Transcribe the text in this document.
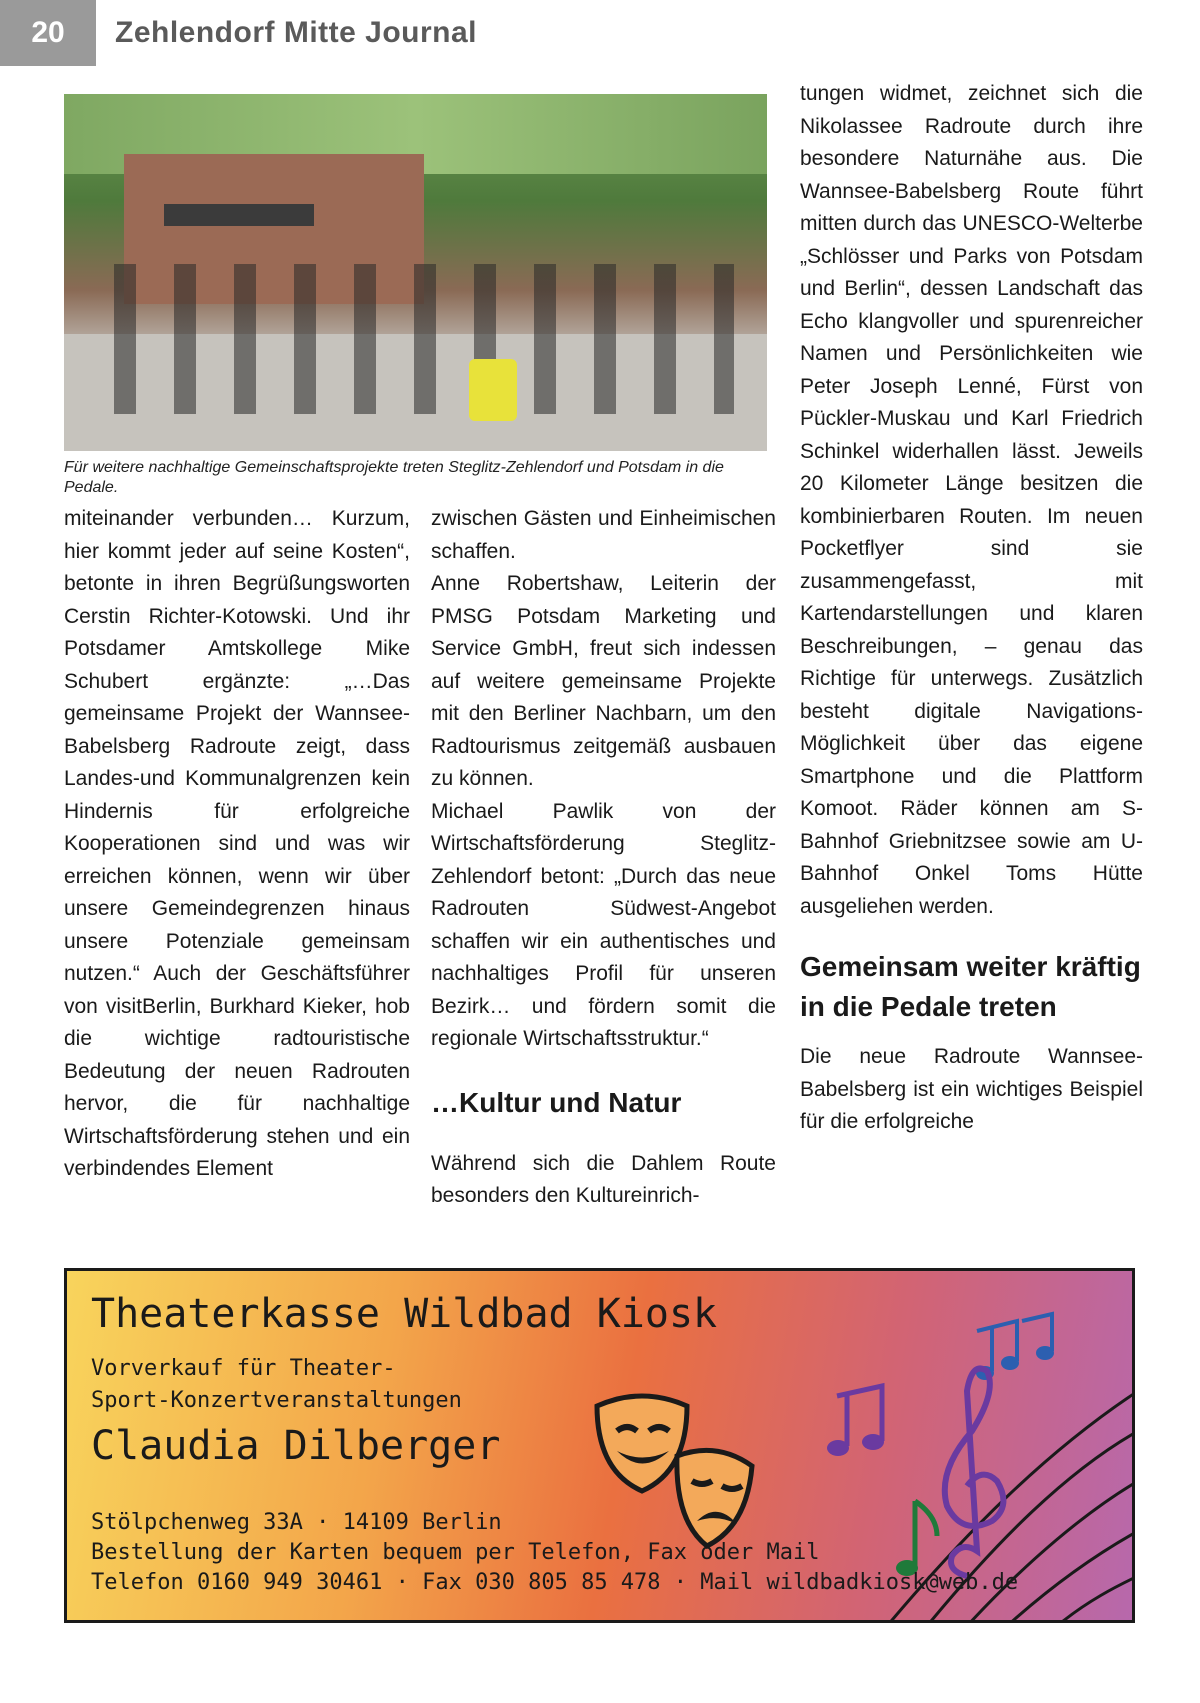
20	Zehlendorf Mitte Journal
Für weitere nachhaltige Gemeinschaftsprojekte treten Steglitz-Zehlendorf und Potsdam in die Pedale.

miteinander verbunden… Kurzum, hier kommt jeder auf seine Kosten“, betonte in ihren Begrüßungsworten Cerstin Richter-Kotowski. Und ihr Potsdamer Amtskollege Mike Schubert ergänzte: „…Das gemeinsame Projekt der Wannsee-Babelsberg Radroute zeigt, dass Landes-und Kommunalgrenzen kein Hindernis für erfolgreiche Kooperationen sind und was wir erreichen können, wenn wir über unsere Gemeindegrenzen hinaus unsere Potenziale gemeinsam nutzen.“ Auch der Geschäftsführer von visitBerlin, Burkhard Kieker, hob die wichtige radtouristische Bedeutung der neuen Radrouten hervor, die für nachhaltige Wirtschaftsförderung stehen und ein verbindendes Element

zwischen Gästen und Einheimischen schaffen.

Anne Robertshaw, Leiterin der PMSG Potsdam Marketing und Service GmbH, freut sich indessen auf weitere gemeinsame Projekte mit den Berliner Nachbarn, um den Radtourismus zeitgemäß ausbauen zu können.

Michael Pawlik von der Wirtschaftsförderung Steglitz-Zehlendorf betont: „Durch das neue Radrouten Südwest-Angebot schaffen wir ein authentisches und nachhaltiges Profil für unseren Bezirk… und fördern somit die regionale Wirtschaftsstruktur.“

…Kultur und Natur

Während sich die Dahlem Route besonders den Kultureinrich-

tungen widmet, zeichnet sich die Nikolassee Radroute durch ihre besondere Naturnähe aus. Die Wannsee-Babelsberg Route führt mitten durch das UNESCO-Welterbe „Schlösser und Parks von Potsdam und Berlin“, dessen Landschaft das Echo klangvoller und spurenreicher Namen und Persönlichkeiten wie Peter Joseph Lenné, Fürst von Pückler-Muskau und Karl Friedrich Schinkel widerhallen lässt. Jeweils 20 Kilometer Länge besitzen die kombinierbaren Routen. Im neuen Pocketflyer sind sie zusammengefasst, mit Kartendarstellungen und klaren Beschreibungen, – genau das Richtige für unterwegs. Zusätzlich besteht digitale Navigations-Möglichkeit über das eigene Smartphone und die Plattform Komoot. Räder können am S-Bahnhof Griebnitzsee sowie am U-Bahnhof Onkel Toms Hütte ausgeliehen werden.

Gemeinsam weiter kräftig in die Pedale treten

Die neue Radroute Wannsee-Babelsberg ist ein wichtiges Beispiel für die erfolgreiche

Theaterkasse Wildbad Kiosk
Vorverkauf für Theater-Sport-Konzertveranstaltungen
Claudia Dilberger
Stölpchenweg 33A · 14109 Berlin
Bestellung der Karten bequem per Telefon, Fax oder Mail
Telefon 0160 949 30461 · Fax 030 805 85 478 · Mail wildbadkiosk@web.de
